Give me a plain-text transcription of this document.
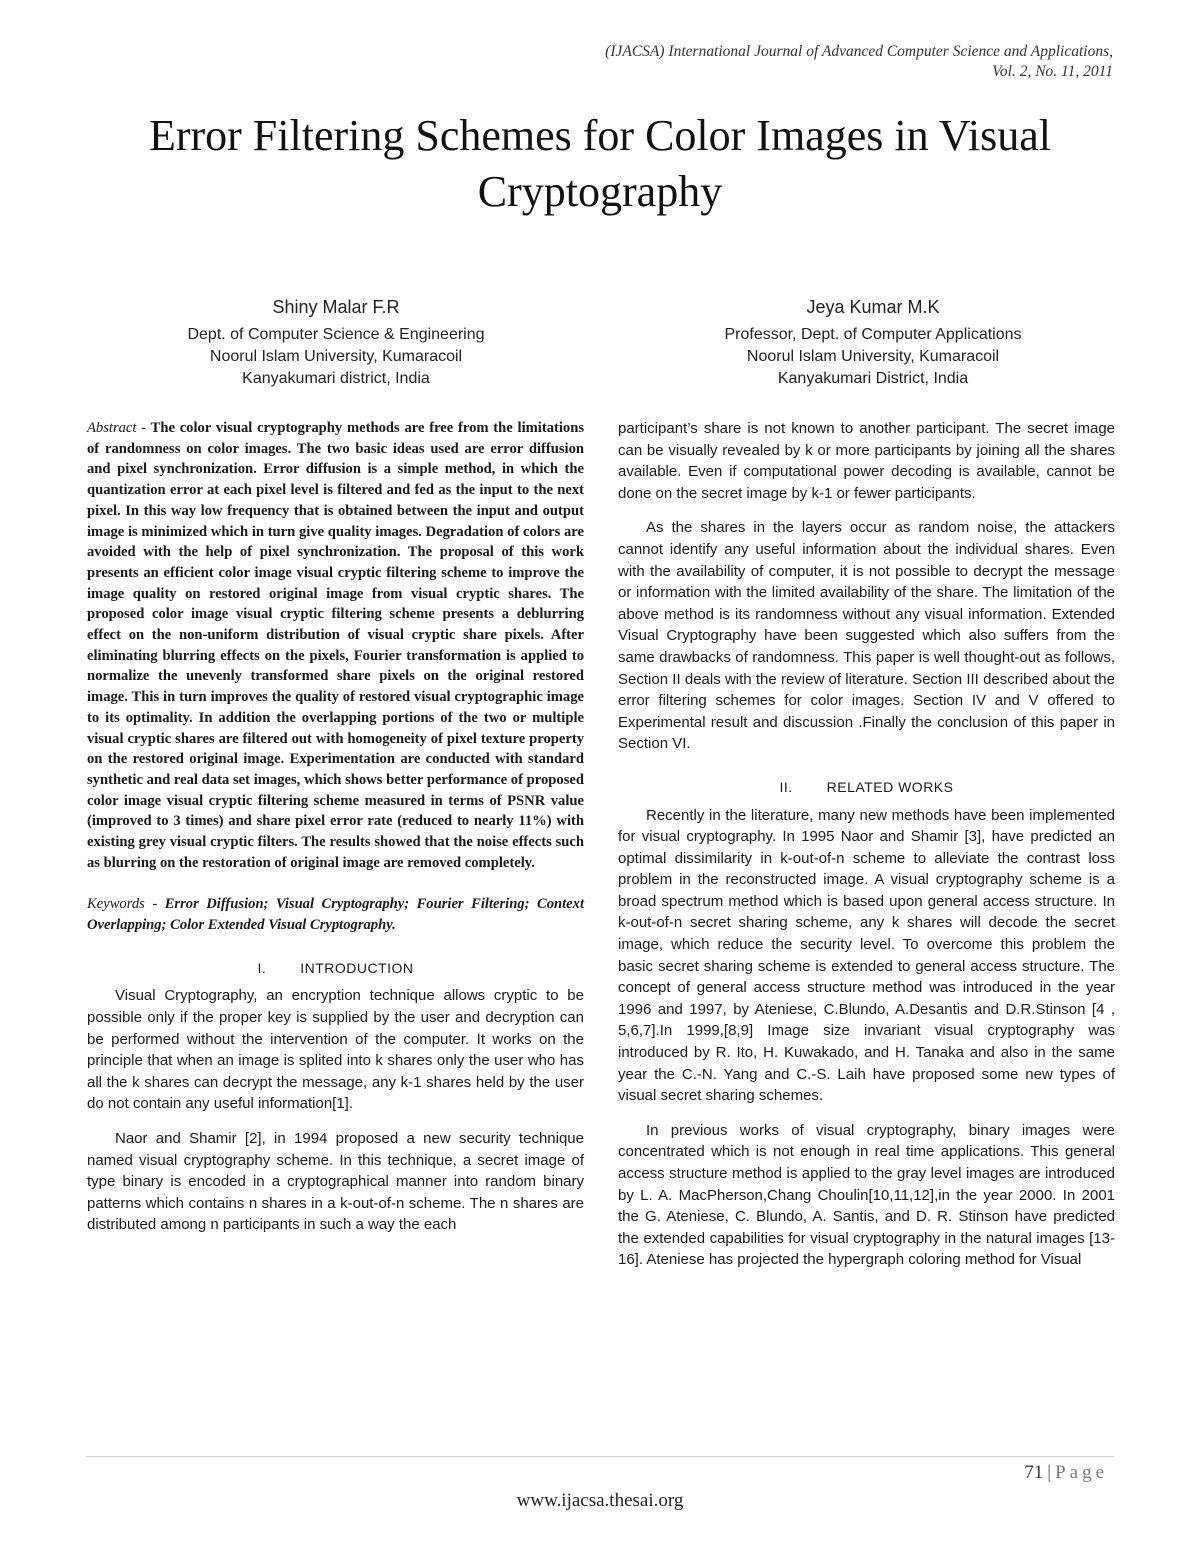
(IJACSA) International Journal of Advanced Computer Science and Applications,
Vol. 2, No. 11, 2011
Error Filtering Schemes for Color Images in Visual
Cryptography
Shiny Malar F.R
Dept. of Computer Science & Engineering
Noorul Islam University, Kumaracoil
Kanyakumari district, India
Jeya Kumar M.K
Professor, Dept. of Computer Applications
Noorul Islam University, Kumaracoil
Kanyakumari District, India

Abstract - The color visual cryptography methods are free from the limitations of randomness on color images. The two basic ideas used are error diffusion and pixel synchronization. Error diffusion is a simple method, in which the quantization error at each pixel level is filtered and fed as the input to the next pixel. In this way low frequency that is obtained between the input and output image is minimized which in turn give quality images. Degradation of colors are avoided with the help of pixel synchronization. The proposal of this work presents an efficient color image visual cryptic filtering scheme to improve the image quality on restored original image from visual cryptic shares. The proposed color image visual cryptic filtering scheme presents a deblurring effect on the non-uniform distribution of visual cryptic share pixels. After eliminating blurring effects on the pixels, Fourier transformation is applied to normalize the unevenly transformed share pixels on the original restored image. This in turn improves the quality of restored visual cryptographic image to its optimality. In addition the overlapping portions of the two or multiple visual cryptic shares are filtered out with homogeneity of pixel texture property on the restored original image. Experimentation are conducted with standard synthetic and real data set images, which shows better performance of proposed color image visual cryptic filtering scheme measured in terms of PSNR value (improved to 3 times) and share pixel error rate (reduced to nearly 11%) with existing grey visual cryptic filters. The results showed that the noise effects such as blurring on the restoration of original image are removed completely.

Keywords - Error Diffusion; Visual Cryptography; Fourier Filtering; Context Overlapping; Color Extended Visual Cryptography.

I. INTRODUCTION

Visual Cryptography, an encryption technique allows cryptic to be possible only if the proper key is supplied by the user and decryption can be performed without the intervention of the computer. It works on the principle that when an image is splited into k shares only the user who has all the k shares can decrypt the message, any k-1 shares held by the user do not contain any useful information[1].

Naor and Shamir [2], in 1994 proposed a new security technique named visual cryptography scheme. In this technique, a secret image of type binary is encoded in a cryptographical manner into random binary patterns which contains n shares in a k-out-of-n scheme. The n shares are distributed among n participants in such a way the each

participant’s share is not known to another participant. The secret image can be visually revealed by k or more participants by joining all the shares available. Even if computational power decoding is available, cannot be done on the secret image by k-1 or fewer participants.

As the shares in the layers occur as random noise, the attackers cannot identify any useful information about the individual shares. Even with the availability of computer, it is not possible to decrypt the message or information with the limited availability of the share. The limitation of the above method is its randomness without any visual information. Extended Visual Cryptography have been suggested which also suffers from the same drawbacks of randomness. This paper is well thought-out as follows, Section II deals with the review of literature. Section III described about the error filtering schemes for color images. Section IV and V offered to Experimental result and discussion .Finally the conclusion of this paper in Section VI.

II. RELATED WORKS

Recently in the literature, many new methods have been implemented for visual cryptography. In 1995 Naor and Shamir [3], have predicted an optimal dissimilarity in k-out-of-n scheme to alleviate the contrast loss problem in the reconstructed image. A visual cryptography scheme is a broad spectrum method which is based upon general access structure. In k-out-of-n secret sharing scheme, any k shares will decode the secret image, which reduce the security level. To overcome this problem the basic secret sharing scheme is extended to general access structure. The concept of general access structure method was introduced in the year 1996 and 1997, by Ateniese, C.Blundo, A.Desantis and D.R.Stinson [4 , 5,6,7].In 1999,[8,9] Image size invariant visual cryptography was introduced by R. Ito, H. Kuwakado, and H. Tanaka and also in the same year the C.-N. Yang and C.-S. Laih have proposed some new types of visual secret sharing schemes.

In previous works of visual cryptography, binary images were concentrated which is not enough in real time applications. This general access structure method is applied to the gray level images are introduced by L. A. MacPherson,Chang Choulin[10,11,12],in the year 2000. In 2001 the G. Ateniese, C. Blundo, A. Santis, and D. R. Stinson have predicted the extended capabilities for visual cryptography in the natural images [13-16]. Ateniese has projected the hypergraph coloring method for Visual

71 | Page
www.ijacsa.thesai.org
